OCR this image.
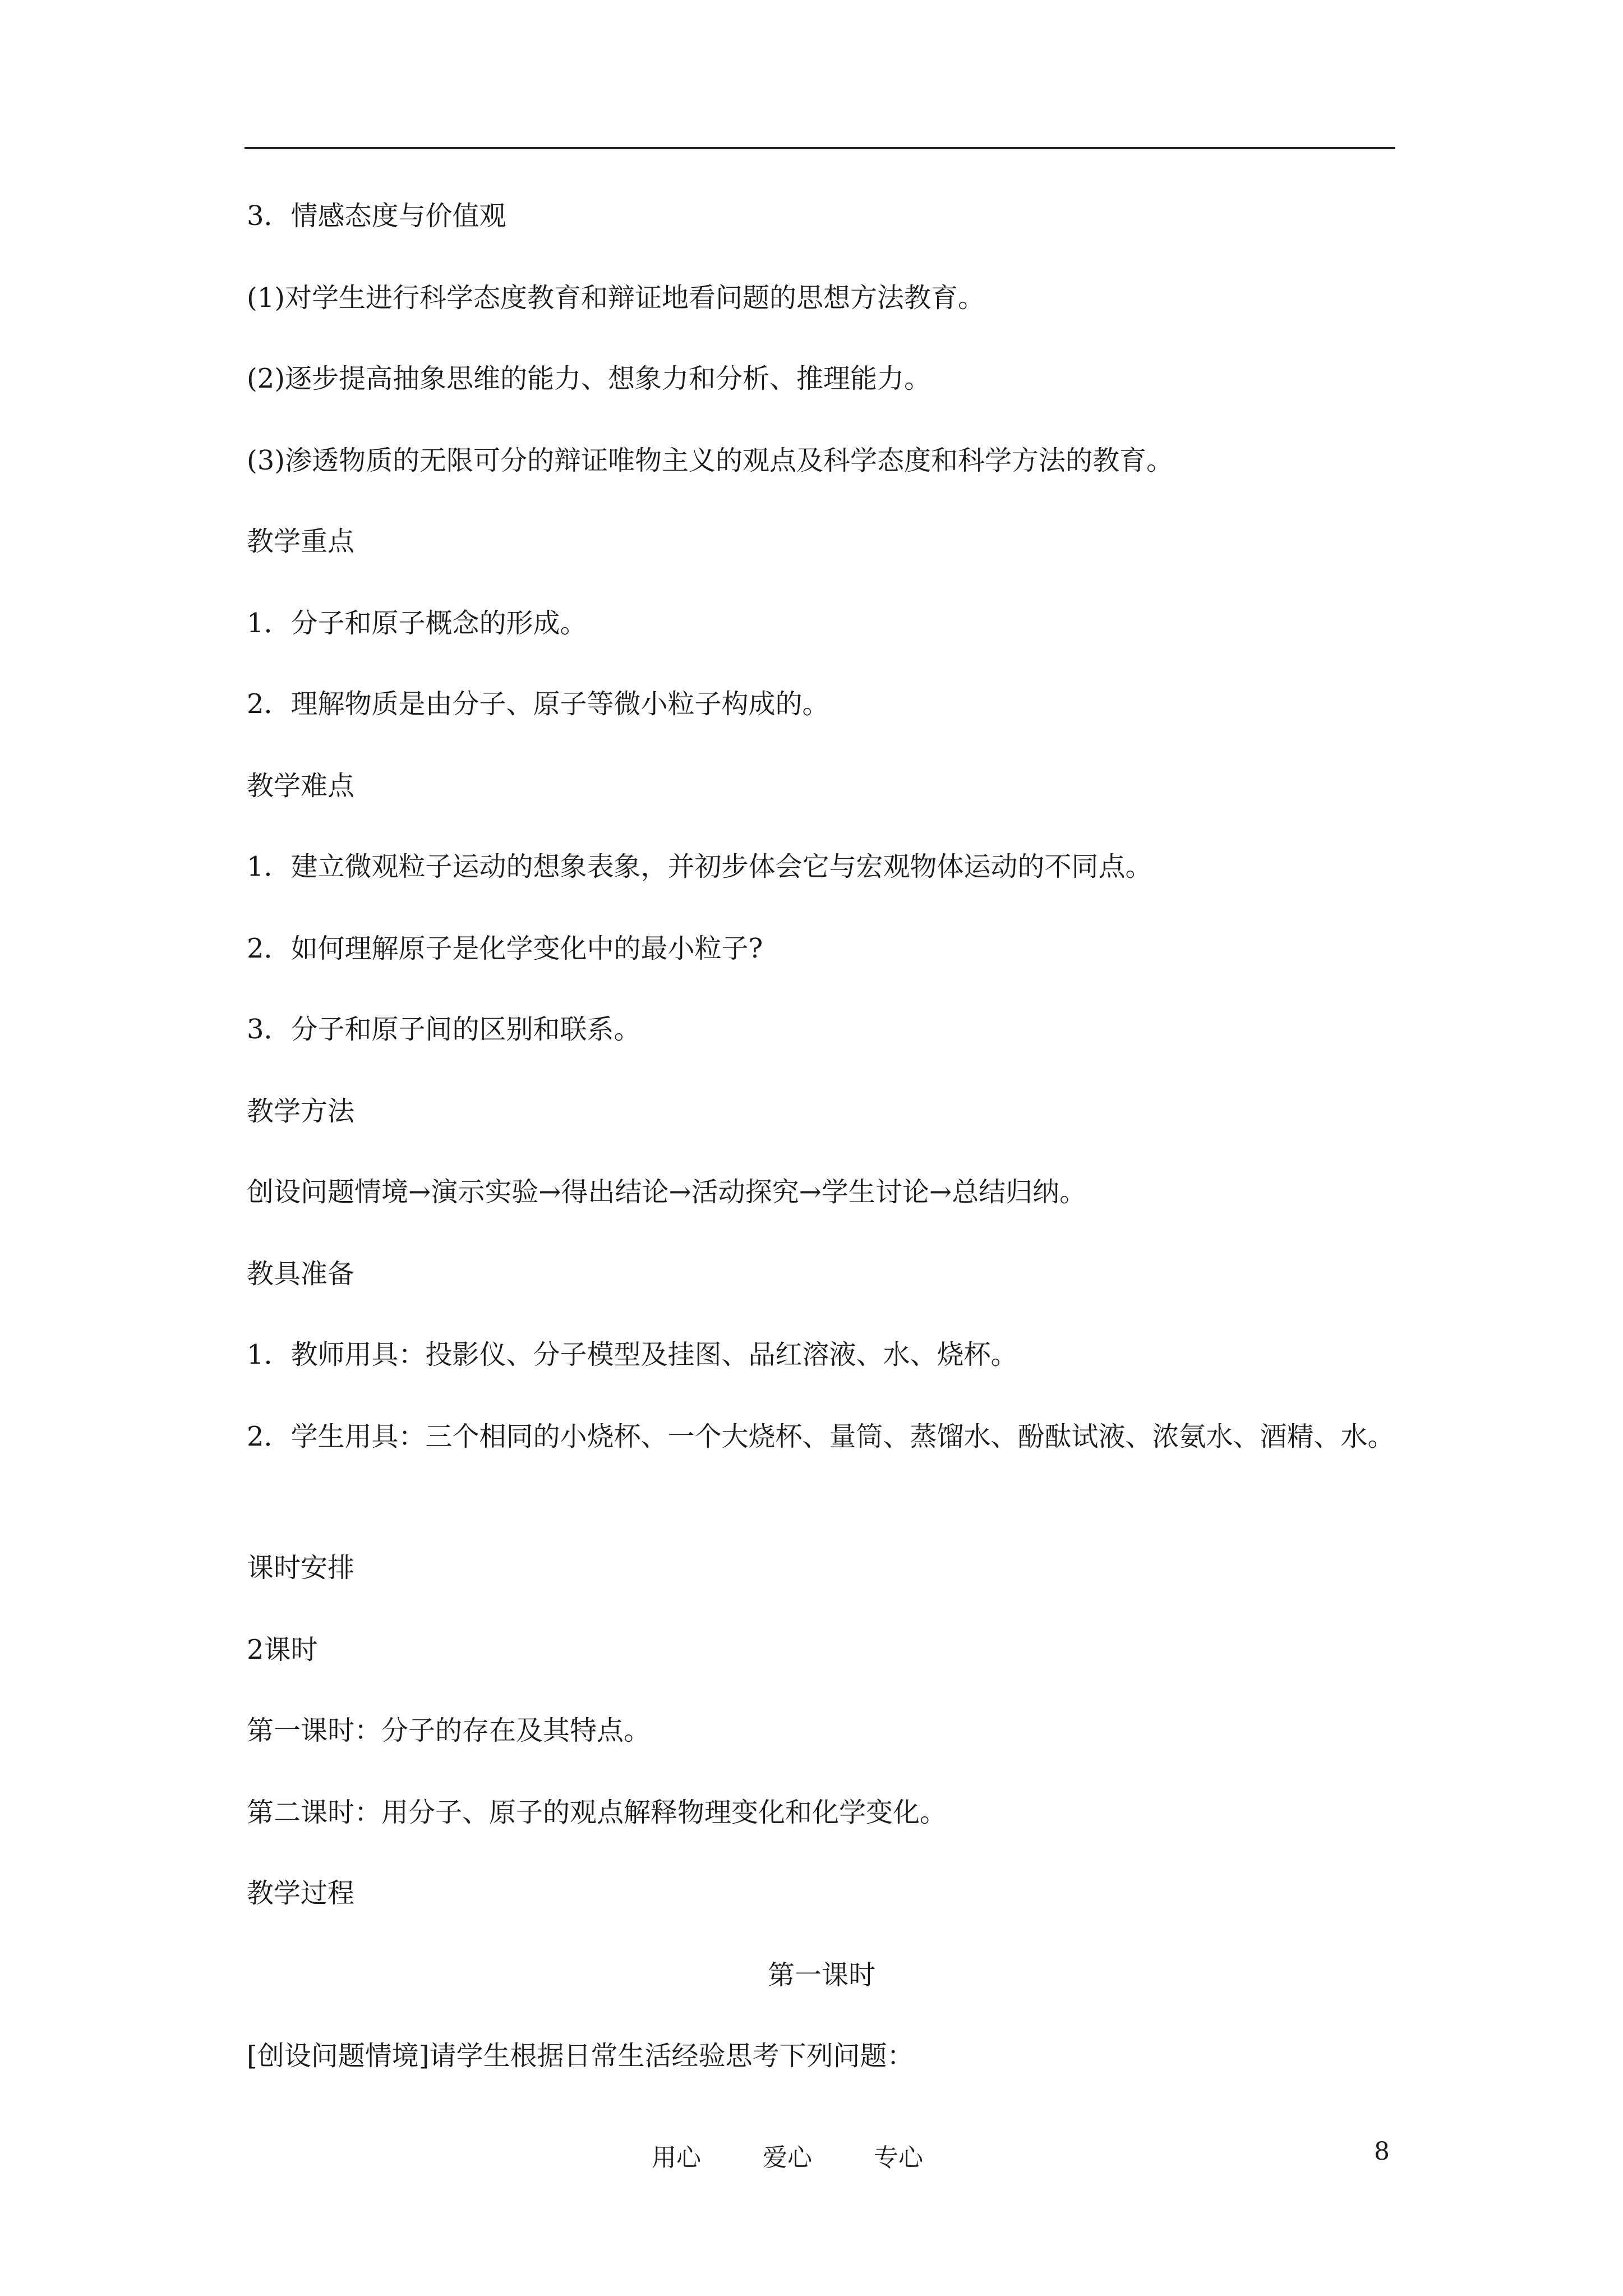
3．情感态度与价值观
(1)对学生进行科学态度教育和辩证地看问题的思想方法教育。
(2)逐步提高抽象思维的能力、想象力和分析、推理能力。
(3)渗透物质的无限可分的辩证唯物主义的观点及科学态度和科学方法的教育。
教学重点
1．分子和原子概念的形成。
2．理解物质是由分子、原子等微小粒子构成的。
教学难点
1．建立微观粒子运动的想象表象，并初步体会它与宏观物体运动的不同点。
2．如何理解原子是化学变化中的最小粒子?
3．分子和原子间的区别和联系。
教学方法
创设问题情境→演示实验→得出结论→活动探究→学生讨论→总结归纳。
教具准备
1．教师用具：投影仪、分子模型及挂图、品红溶液、水、烧杯。
2．学生用具：三个相同的小烧杯、一个大烧杯、量筒、蒸馏水、酚酞试液、浓氨水、酒精、水。
课时安排
2课时
第一课时：分子的存在及其特点。
第二课时：用分子、原子的观点解释物理变化和化学变化。
教学过程
第一课时
[创设问题情境]请学生根据日常生活经验思考下列问题：
用心	爱心	专心	8
